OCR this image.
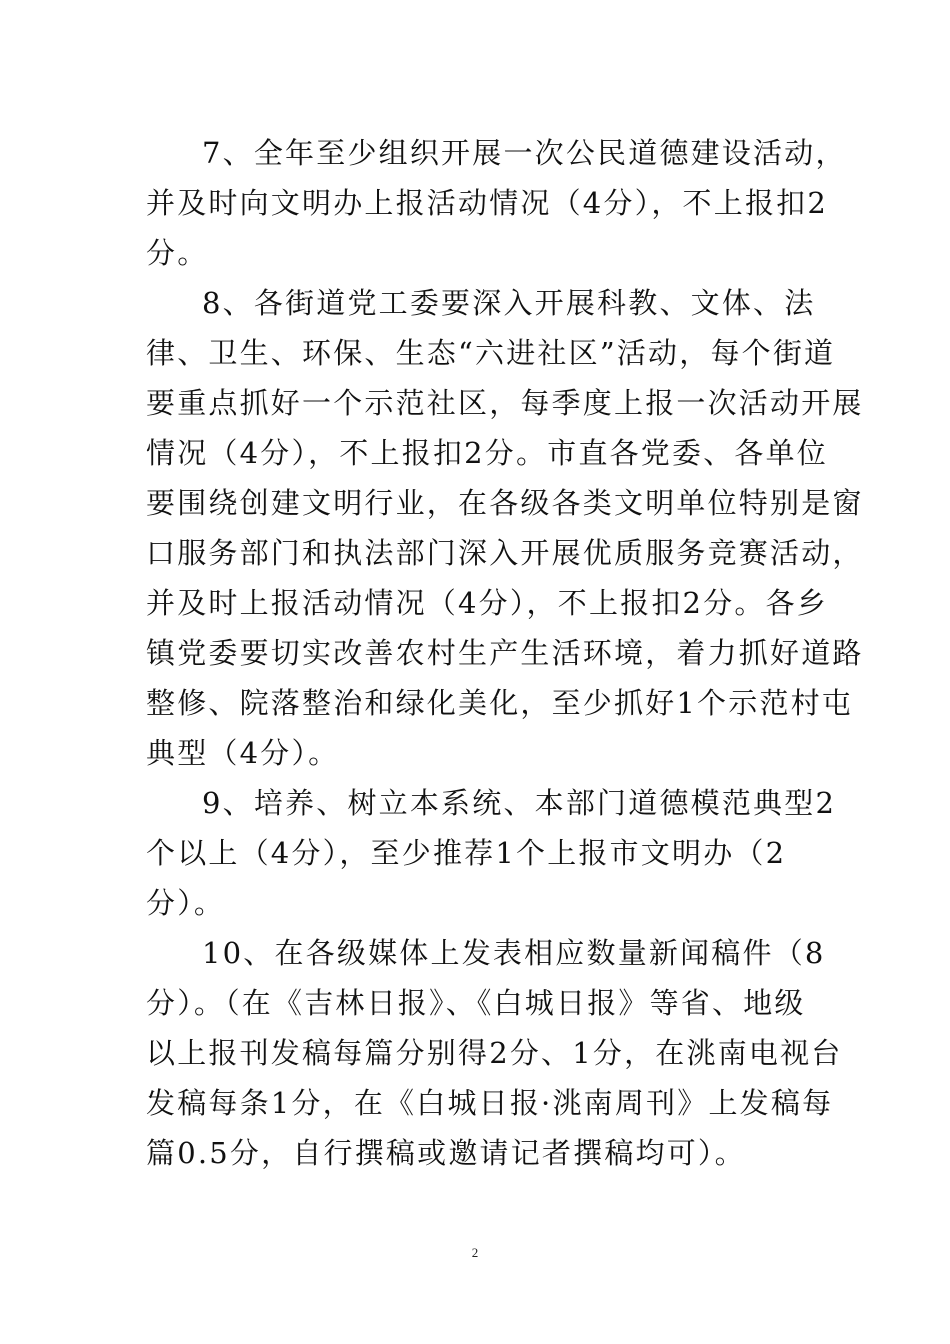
7、全年至少组织开展一次公民道德建设活动，
并及时向文明办上报活动情况（4分），不上报扣2
分。
8、各街道党工委要深入开展科教、文体、法
律、卫生、环保、生态“六进社区”活动，每个街道
要重点抓好一个示范社区，每季度上报一次活动开展
情况（4分），不上报扣2分。市直各党委、各单位
要围绕创建文明行业，在各级各类文明单位特别是窗
口服务部门和执法部门深入开展优质服务竞赛活动，
并及时上报活动情况（4分），不上报扣2分。各乡
镇党委要切实改善农村生产生活环境，着力抓好道路
整修、院落整治和绿化美化，至少抓好1个示范村屯
典型（4分）。
9、培养、树立本系统、本部门道德模范典型2
个以上（4分），至少推荐1个上报市文明办（2
分）。
10、在各级媒体上发表相应数量新闻稿件（8
分）。（在《吉林日报》、《白城日报》等省、地级
以上报刊发稿每篇分别得2分、1分，在洮南电视台
发稿每条1分，在《白城日报·洮南周刊》上发稿每
篇0.5分，自行撰稿或邀请记者撰稿均可）。
2
